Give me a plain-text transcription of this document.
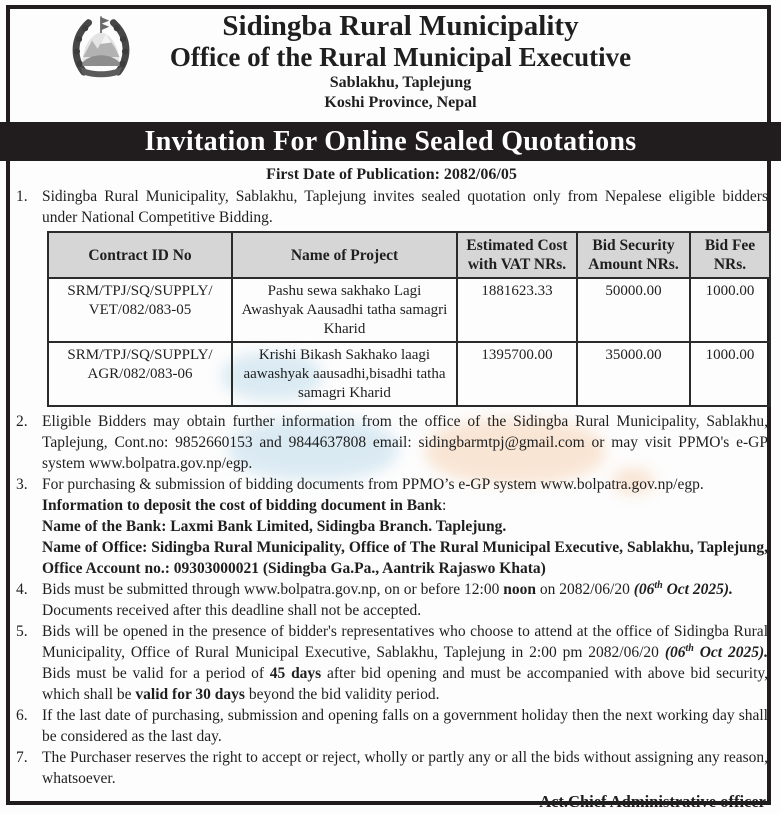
Sidingba Rural Municipality
Office of the Rural Municipal Executive
Sablakhu, Taplejung
Koshi Province, Nepal
Invitation For Online Sealed Quotations
First Date of Publication: 2082/06/05
1. Sidingba Rural Municipality, Sablakhu, Taplejung invites sealed quotation only from Nepalese eligible bidders under National Competitive Bidding.
Contract ID No	Name of Project	Estimated Cost with VAT NRs.	Bid Security Amount NRs.	Bid Fee NRs.
SRM/TPJ/SQ/SUPPLY/ VET/082/083-05	Pashu sewa sakhako Lagi Awashyak Aausadhi tatha samagri Kharid	1881623.33	50000.00	1000.00
SRM/TPJ/SQ/SUPPLY/ AGR/082/083-06	Krishi Bikash Sakhako laagi aawashyak aausadhi,bisadhi tatha samagri Kharid	1395700.00	35000.00	1000.00
2. Eligible Bidders may obtain further information from the office of the Sidingba Rural Municipality, Sablakhu, Taplejung, Cont.no: 9852660153 and 9844637808 email: sidingbarmtpj@gmail.com or may visit PPMO's e-GP system www.bolpatra.gov.np/egp.
3. For purchasing & submission of bidding documents from PPMO’s e-GP system www.bolpatra.gov.np/egp.
Information to deposit the cost of bidding document in Bank:
Name of the Bank: Laxmi Bank Limited, Sidingba Branch. Taplejung.
Name of Office: Sidingba Rural Municipality, Office of The Rural Municipal Executive, Sablakhu, Taplejung, Office Account no.: 09303000021 (Sidingba Ga.Pa., Aantrik Rajaswo Khata)
4. Bids must be submitted through www.bolpatra.gov.np, on or before 12:00 noon on 2082/06/20 (06th Oct 2025).
Documents received after this deadline shall not be accepted.
5. Bids will be opened in the presence of bidder's representatives who choose to attend at the office of Sidingba Rural Municipality, Office of Rural Municipal Executive, Sablakhu, Taplejung in 2:00 pm 2082/06/20 (06th Oct 2025). Bids must be valid for a period of 45 days after bid opening and must be accompanied with above bid security, which shall be valid for 30 days beyond the bid validity period.
6. If the last date of purchasing, submission and opening falls on a government holiday then the next working day shall be considered as the last day.
7. The Purchaser reserves the right to accept or reject, wholly or partly any or all the bids without assigning any reason, whatsoever.
Act.Chief Administrative officer
